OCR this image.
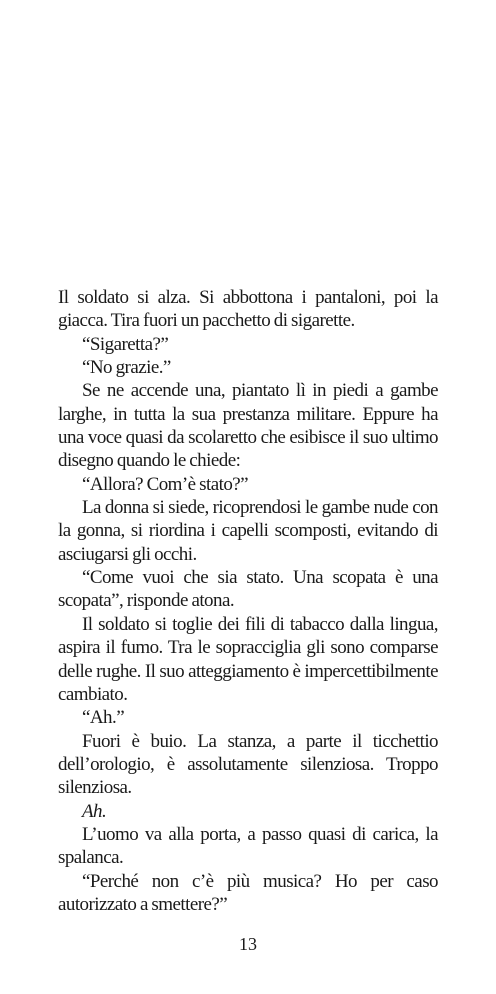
Il soldato si alza. Si abbottona i pantaloni, poi la giacca. Tira fuori un pacchetto di sigarette.

“Sigaretta?”

“No grazie.”

Se ne accende una, piantato lì in piedi a gambe larghe, in tutta la sua prestanza militare. Eppure ha una voce quasi da scolaretto che esibisce il suo ultimo disegno quando le chiede:

“Allora? Com’è stato?”

La donna si siede, ricoprendosi le gambe nude con la gonna, si riordina i capelli scomposti, evitando di asciugarsi gli occhi.

“Come vuoi che sia stato. Una scopata è una scopata”, risponde atona.

Il soldato si toglie dei fili di tabacco dalla lingua, aspira il fumo. Tra le sopracciglia gli sono comparse delle rughe. Il suo atteggiamento è impercettibilmente cambiato.

“Ah.”

Fuori è buio. La stanza, a parte il ticchettio dell’orologio, è assolutamente silenziosa. Troppo silenziosa.

Ah.

L’uomo va alla porta, a passo quasi di carica, la spalanca.

“Perché non c’è più musica? Ho per caso autorizzato a smettere?”

13
